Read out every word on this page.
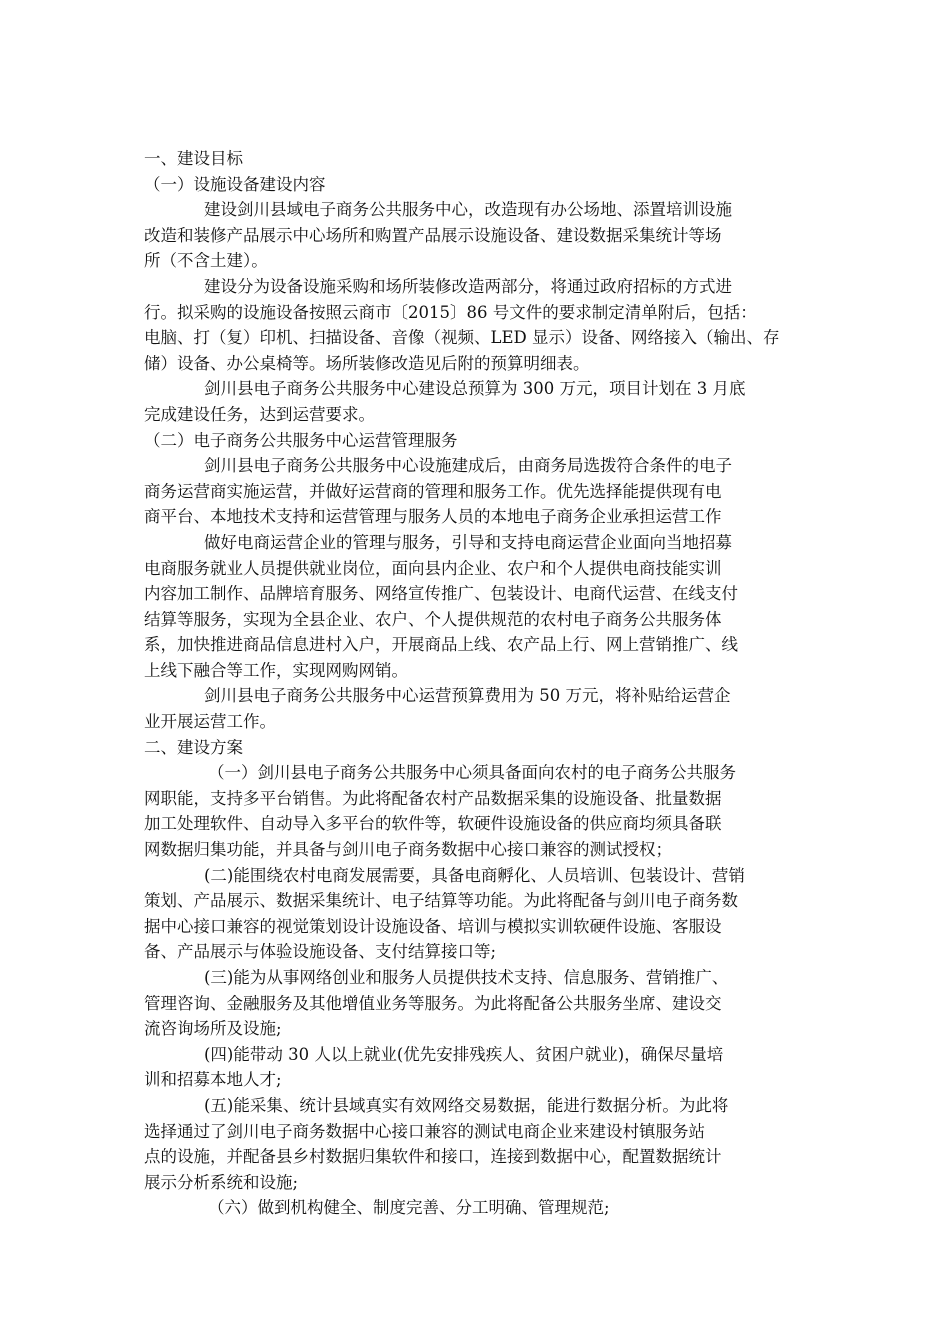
一、建设目标
（一）设施设备建设内容
建设剑川县域电子商务公共服务中心，改造现有办公场地、添置培训设施
改造和装修产品展示中心场所和购置产品展示设施设备、建设数据采集统计等场
所（不含土建）。
建设分为设备设施采购和场所装修改造两部分，将通过政府招标的方式进
行。拟采购的设施设备按照云商市〔2015〕86 号文件的要求制定清单附后，包括：
电脑、打（复）印机、扫描设备、音像（视频、LED 显示）设备、网络接入（输出、存
储）设备、办公桌椅等。场所装修改造见后附的预算明细表。
剑川县电子商务公共服务中心建设总预算为 300 万元，项目计划在 3 月底
完成建设任务，达到运营要求。
（二）电子商务公共服务中心运营管理服务
剑川县电子商务公共服务中心设施建成后，由商务局选拨符合条件的电子
商务运营商实施运营，并做好运营商的管理和服务工作。优先选择能提供现有电
商平台、本地技术支持和运营管理与服务人员的本地电子商务企业承担运营工作
做好电商运营企业的管理与服务，引导和支持电商运营企业面向当地招募
电商服务就业人员提供就业岗位，面向县内企业、农户和个人提供电商技能实训
内容加工制作、品牌培育服务、网络宣传推广、包装设计、电商代运营、在线支付
结算等服务，实现为全县企业、农户、个人提供规范的农村电子商务公共服务体
系，加快推进商品信息进村入户，开展商品上线、农产品上行、网上营销推广、线
上线下融合等工作，实现网购网销。
剑川县电子商务公共服务中心运营预算费用为 50 万元，将补贴给运营企
业开展运营工作。
二、建设方案
（一）剑川县电子商务公共服务中心须具备面向农村的电子商务公共服务
网职能，支持多平台销售。为此将配备农村产品数据采集的设施设备、批量数据
加工处理软件、自动导入多平台的软件等，软硬件设施设备的供应商均须具备联
网数据归集功能，并具备与剑川电子商务数据中心接口兼容的测试授权；
(二)能围绕农村电商发展需要，具备电商孵化、人员培训、包装设计、营销
策划、产品展示、数据采集统计、电子结算等功能。为此将配备与剑川电子商务数
据中心接口兼容的视觉策划设计设施设备、培训与模拟实训软硬件设施、客服设
备、产品展示与体验设施设备、支付结算接口等;
(三)能为从事网络创业和服务人员提供技术支持、信息服务、营销推广、
管理咨询、金融服务及其他增值业务等服务。为此将配备公共服务坐席、建设交
流咨询场所及设施;
(四)能带动 30 人以上就业(优先安排残疾人、贫困户就业)，确保尽量培
训和招募本地人才;
(五)能采集、统计县域真实有效网络交易数据，能进行数据分析。为此将
选择通过了剑川电子商务数据中心接口兼容的测试电商企业来建设村镇服务站
点的设施，并配备县乡村数据归集软件和接口，连接到数据中心，配置数据统计
展示分析系统和设施;
（六）做到机构健全、制度完善、分工明确、管理规范;
